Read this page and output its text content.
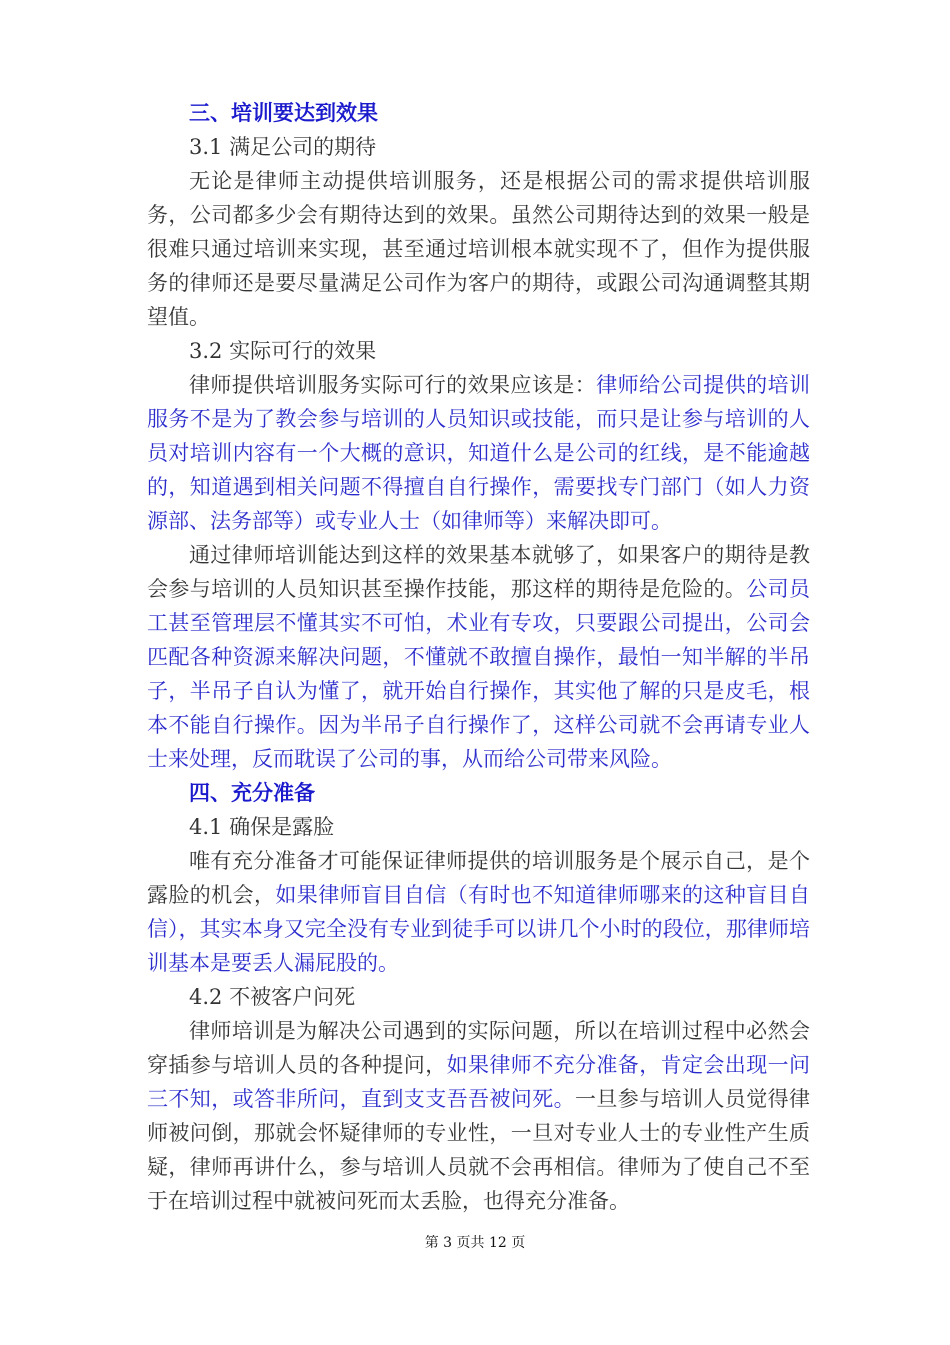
三、培训要达到效果

3.1 满足公司的期待

无论是律师主动提供培训服务，还是根据公司的需求提供培训服务，公司都多少会有期待达到的效果。虽然公司期待达到的效果一般是很难只通过培训来实现，甚至通过培训根本就实现不了，但作为提供服务的律师还是要尽量满足公司作为客户的期待，或跟公司沟通调整其期望值。

3.2 实际可行的效果

律师提供培训服务实际可行的效果应该是：律师给公司提供的培训服务不是为了教会参与培训的人员知识或技能，而只是让参与培训的人员对培训内容有一个大概的意识，知道什么是公司的红线，是不能逾越的，知道遇到相关问题不得擅自自行操作，需要找专门部门（如人力资源部、法务部等）或专业人士（如律师等）来解决即可。

通过律师培训能达到这样的效果基本就够了，如果客户的期待是教会参与培训的人员知识甚至操作技能，那这样的期待是危险的。公司员工甚至管理层不懂其实不可怕，术业有专攻，只要跟公司提出，公司会匹配各种资源来解决问题，不懂就不敢擅自操作，最怕一知半解的半吊子，半吊子自认为懂了，就开始自行操作，其实他了解的只是皮毛，根本不能自行操作。因为半吊子自行操作了，这样公司就不会再请专业人士来处理，反而耽误了公司的事，从而给公司带来风险。

四、充分准备

4.1 确保是露脸

唯有充分准备才可能保证律师提供的培训服务是个展示自己，是个露脸的机会，如果律师盲目自信（有时也不知道律师哪来的这种盲目自信），其实本身又完全没有专业到徒手可以讲几个小时的段位，那律师培训基本是要丢人漏屁股的。

4.2 不被客户问死

律师培训是为解决公司遇到的实际问题，所以在培训过程中必然会穿插参与培训人员的各种提问，如果律师不充分准备，肯定会出现一问三不知，或答非所问，直到支支吾吾被问死。一旦参与培训人员觉得律师被问倒，那就会怀疑律师的专业性，一旦对专业人士的专业性产生质疑，律师再讲什么，参与培训人员就不会再相信。律师为了使自己不至于在培训过程中就被问死而太丢脸，也得充分准备。

第 3 页共 12 页
